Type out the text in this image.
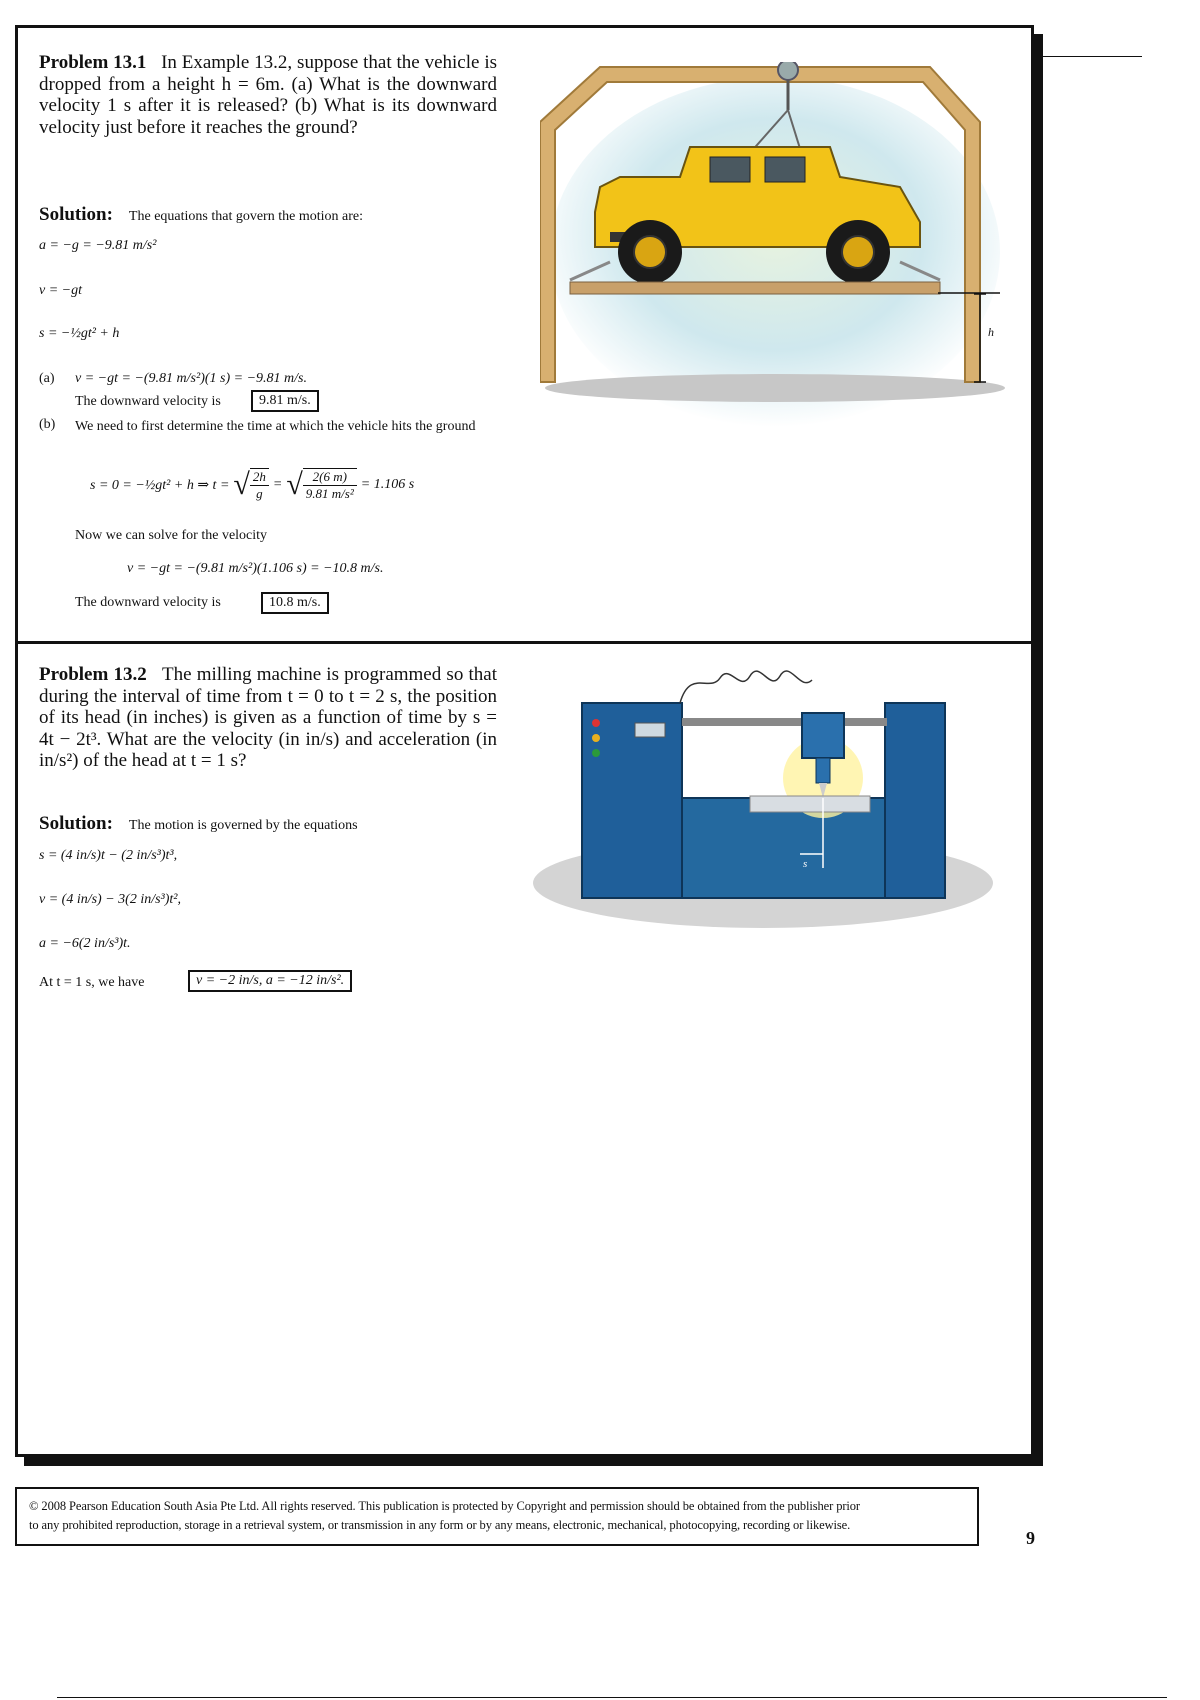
Problem 13.1 In Example 13.2, suppose that the vehicle is dropped from a height h = 6m. (a) What is the downward velocity 1 s after it is released? (b) What is its downward velocity just before it reaches the ground?
Solution: The equations that govern the motion are:
a = −g = −9.81 m/s²
v = −gt
s = −½gt² + h
(a) v = −gt = −(9.81 m/s²)(1 s) = −9.81 m/s.
The downward velocity is	9.81 m/s.
(b) We need to first determine the time at which the vehicle hits the ground
s = 0 = −½gt² + h ⇒ t = √ $\frac{2h}{g}$ = √ $\frac{2(6 m)}{\text{9.81 m/s²}} = 1.106$ s
Now we can solve for the velocity
v = −gt = −(9.81 m/s²)(1.106 s) = −10.8 m/s.
The downward velocity is	10.8 m/s.
h
Problem 13.2 The milling machine is programmed so that during the interval of time from t = 0 to t = 2 s, the position of its head (in inches) is given as a function of time by s = 4t − 2t³. What are the velocity (in in/s) and acceleration (in in/s²) of the head at t = 1 s?
Solution: The motion is governed by the equations
s = (4 in/s)t − (2 in/s³)t³,
v = (4 in/s) − 3(2 in/s³)t²,
a = −6(2 in/s³)t.
At t = 1 s, we have	v = −2 in/s, a = −12 in/s².
s
© 2008 Pearson Education South Asia Pte Ltd. All rights reserved. This publication is protected by Copyright and permission should be obtained from the publisher prior
to any prohibited reproduction, storage in a retrieval system, or transmission in any form or by any means, electronic, mechanical, photocopying, recording or likewise.
9
